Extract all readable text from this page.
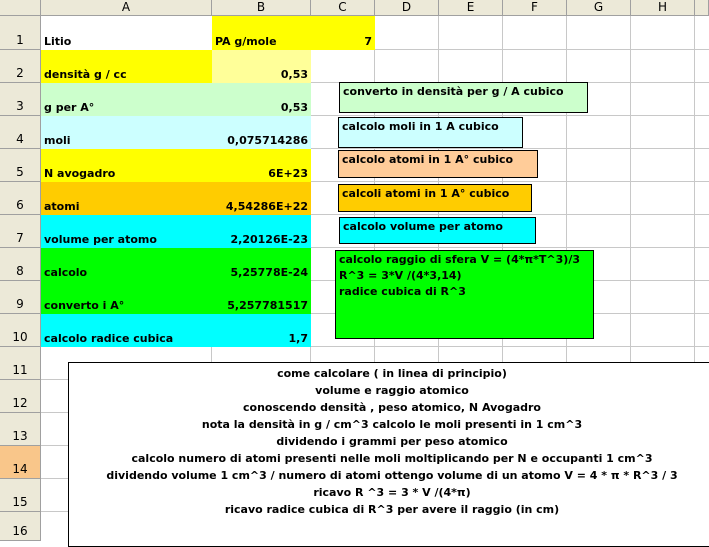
A	B	C	D	E	F	G	H
1
2
3
4
5
6
7
8
9
10
11
12
13
14
15
16
Litio	PA g/mole	7
densità g / cc	0,53
g per A°	0,53
moli	0,075714286
N avogadro	6E+23
atomi	4,54286E+22
volume per atomo	2,20126E-23
calcolo	5,25778E-24
converto i A°	5,257781517
calcolo radice cubica	1,7
converto in densità per g / A cubico
calcolo moli in 1 A cubico
calcolo atomi in 1 A° cubico
calcoli atomi in 1 A° cubico
calcolo volume per atomo
calcolo raggio di sfera V = (4*π*T^3)/3
R^3 = 3*V /(4*3,14)
radice cubica di R^3
come calcolare ( in linea di principio)
volume e raggio atomico
conoscendo densità , peso atomico, N Avogadro
nota la densità in g / cm^3 calcolo le moli presenti in 1 cm^3
dividendo i grammi per peso atomico
calcolo numero di atomi presenti nelle moli moltiplicando per N e occupanti 1 cm^3
dividendo volume 1 cm^3 / numero di atomi ottengo volume di un atomo V = 4 * π * R^3 / 3
ricavo R ^3 = 3 * V /(4*π)
ricavo radice cubica di R^3 per avere il raggio (in cm)
